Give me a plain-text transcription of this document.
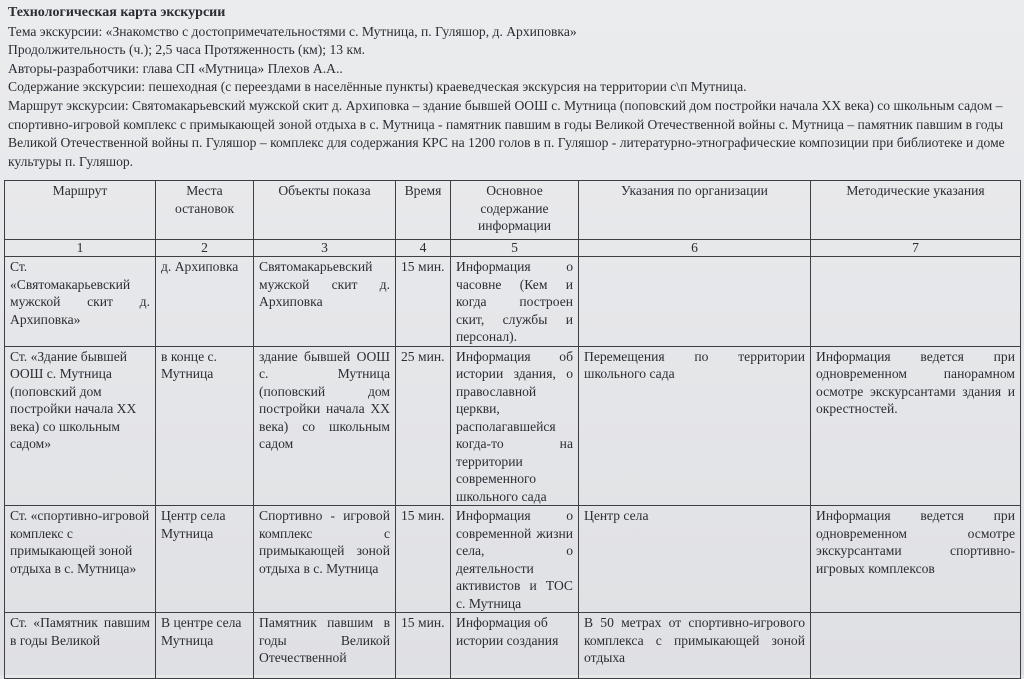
Технологическая карта экскурсии
Тема экскурсии: «Знакомство с достопримечательностями с. Мутница, п. Гуляшор, д. Архиповка»
Продолжительность (ч.); 2,5 часа Протяженность (км); 13 км.
Авторы-разработчики: глава СП «Мутница» Плехов А.А..
Содержание экскурсии: пешеходная (с переездами в населённые пункты) краеведческая экскурсия на территории с\п Мутница.
Маршрут экскурсии: Святомакарьевский мужской скит д. Архиповка – здание бывшей ООШ с. Мутница (поповский дом постройки начала XX века) со школьным садом – спортивно-игровой комплекс с примыкающей зоной отдыха в с. Мутница - памятник павшим в годы Великой Отечественной войны с. Мутница – памятник павшим в годы Великой Отечественной войны п. Гуляшор – комплекс для содержания КРС на 1200 голов в п. Гуляшор - литературно-этнографические композиции при библиотеке и доме культуры п. Гуляшор.
Маршрут	Места остановок	Объекты показа	Время	Основное содержание информации	Указания по организации	Методические указания
1	2	3	4	5	6	7
Ст. «Святомакарьевский мужской скит д. Архиповка»	д. Архиповка	Святомакарьевский мужской скит д. Архиповка	15 мин.	Информация о часовне (Кем и когда построен скит, службы и персонал).		
Ст. «Здание бывшей ООШ с. Мутница (поповский дом постройки начала XX века) со школьным садом»	в конце с. Мутница	здание бывшей ООШ с. Мутница (поповский дом постройки начала XX века) со школьным садом	25 мин.	Информация об истории здания, о православной церкви, располагавшейся когда-то на территории современного школьного сада	Перемещения по территории школьного сада	Информация ведется при одновременном панорамном осмотре экскурсантами здания и окрестностей.
Ст. «спортивно-игровой комплекс с примыкающей зоной отдыха в с. Мутница»	Центр села Мутница	Спортивно - игровой комплекс с примыкающей зоной отдыха в с. Мутница	15 мин.	Информация о современной жизни села, о деятельности активистов и ТОС с. Мутница	Центр села	Информация ведется при одновременном осмотре экскурсантами спортивно-игровых комплексов
Ст. «Памятник павшим в годы Великой	В центре села Мутница	Памятник павшим в годы Великой Отечественной	15 мин.	Информация об истории создания	В 50 метрах от спортивно-игрового комплекса с примыкающей зоной отдыха	
